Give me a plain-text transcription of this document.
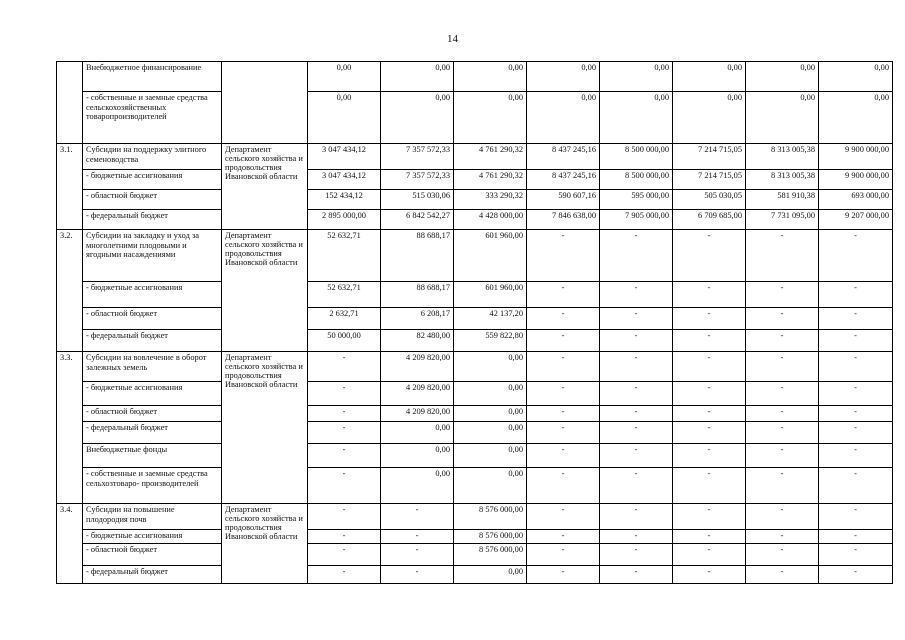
14
	Внебюджетное финансирование		0,00	0,00	0,00	0,00	0,00	0,00	0,00	0,00
	- собственные и заемные средства сельскохозяйственных товаропроизводителей		0,00	0,00	0,00	0,00	0,00	0,00	0,00	0,00
3.1.	Субсидии на поддержку элитного семеноводства	Департамент сельского хозяйства и продовольствия Ивановской области	3 047 434,12	7 357 572,33	4 761 290,32	8 437 245,16	8 500 000,00	7 214 715,05	8 313 005,38	9 900 000,00
	- бюджетные ассигнования		3 047 434,12	7 357 572,33	4 761 290,32	8 437 245,16	8 500 000,00	7 214 715,05	8 313 005,38	9 900 000,00
	- областной бюджет		152 434,12	515 030,06	333 290,32	590 607,16	595 000,00	505 030,05	581 910,38	693 000,00
	- федеральный бюджет		2 895 000,00	6 842 542,27	4 428 000,00	7 846 638,00	7 905 000,00	6 709 685,00	7 731 095,00	9 207 000,00
3.2.	Субсидии на закладку и уход за многолетними плодовыми и ягодными насаждениями	Департамент сельского хозяйства и продовольствия Ивановской области	52 632,71	88 688,17	601 960,00	-	-	-	-	-
	- бюджетные ассигнования		52 632,71	88 688,17	601 960,00	-	-	-	-	-
	- областной бюджет		2 632,71	6 208,17	42 137,20	-	-	-	-	-
	- федеральный бюджет		50 000,00	82 480,00	559 822,80	-	-	-	-	-
3.3.	Субсидии на вовлечение в оборот залежных земель	Департамент сельского хозяйства и продовольствия Ивановской области	-	4 209 820,00	0,00	-	-	-	-	-
	- бюджетные ассигнования		-	4 209 820,00	0,00	-	-	-	-	-
	- областной бюджет		-	4 209 820,00	0,00	-	-	-	-	-
	- федеральный бюджет		-	0,00	0,00	-	-	-	-	-
	Внебюджетные фонды		-	0,00	0,00	-	-	-	-	-
	- собственные и заемные средства сельхозтоваро- производителей		-	0,00	0,00	-	-	-	-	-
3.4.	Субсидии на повышение плодородия почв	Департамент сельского хозяйства и продовольствия Ивановской области	-	-	8 576 000,00	-	-	-	-	-
	- бюджетные ассигнования		-	-	8 576 000,00	-	-	-	-	-
	- областной бюджет		-	-	8 576 000,00	-	-	-	-	-
	- федеральный бюджет		-	-	0,00	-	-	-	-	-
